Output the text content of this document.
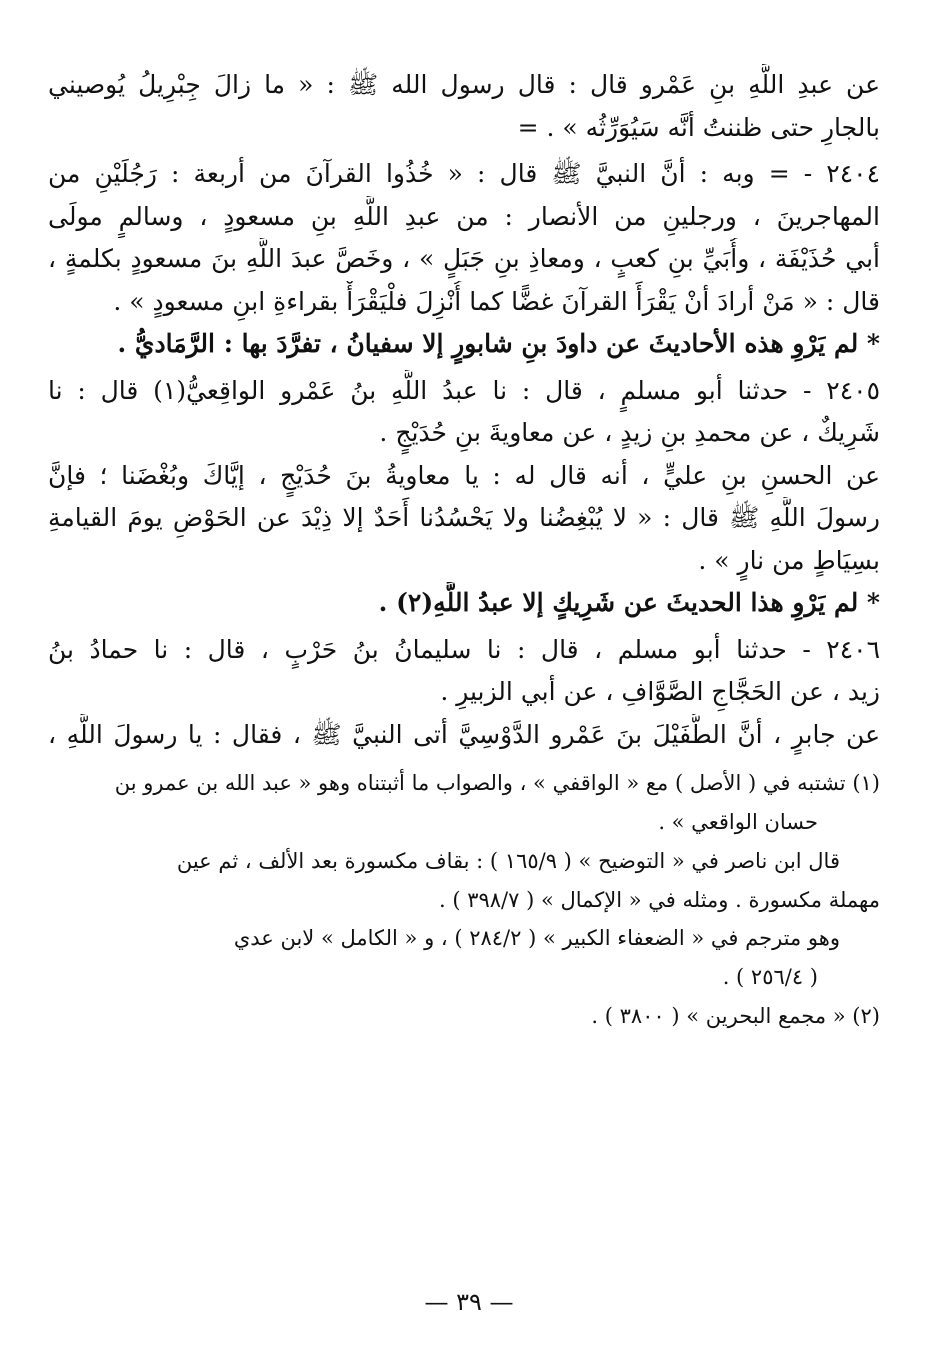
عن عبدِ اللَّهِ بنِ عَمْرو قال : قال رسول الله ﷺ : « ما زالَ جِبْرِيلُ يُوصيني

بالجارِ حتى ظننتُ أنَّه سَيُوَرِّثُه » . =

٢٤٠٤ - = وبه : أنَّ النبيَّ ﷺ قال : « خُذُوا القرآنَ من أربعة : رَجُلَيْنِ من

المهاجرينَ ، ورجلينِ من الأنصار : من عبدِ اللَّهِ بنِ مسعودٍ ، وسالمٍ مولَى

أبي حُذَيْفَة ، وأُبَيِّ بنِ كعبٍ ، ومعاذِ بنِ جَبَلٍ » ، وخَصَّ عبدَ اللَّهِ بنَ مسعودٍ بكلمةٍ ،

قال : « مَنْ أرادَ أنْ يَقْرَأَ القرآنَ غضًّا كما أُنْزِلَ فلْيَقْرَأْ بقراءةِ ابنِ مسعودٍ » .

* لم يَرْوِ هذه الأحاديثَ عن داودَ بنِ شابورٍ إلا سفيانُ ، تفرَّدَ بها : الرَّمَاديُّ .

٢٤٠٥ - حدثنا أبو مسلمٍ ، قال : نا عبدُ اللَّهِ بنُ عَمْرو الواقِعيُّ(١) قال : نا

شَرِيكٌ ، عن محمدِ بنِ زيدٍ ، عن معاويةَ بنِ حُدَيْجٍ .

عن الحسنِ بنِ عليٍّ ، أنه قال له : يا معاويةُ بنَ حُدَيْجٍ ، إيَّاكَ وبُغْضَنا ؛ فإنَّ

رسولَ اللَّهِ ﷺ قال : « لا يُبْغِضُنا ولا يَحْسُدُنا أَحَدٌ إلا ذِيْدَ عن الحَوْضِ يومَ القيامةِ

بسِيَاطٍ من نارٍ » .

* لم يَرْوِ هذا الحديثَ عن شَرِيكٍ إلا عبدُ اللَّهِ(٢) .

٢٤٠٦ - حدثنا أبو مسلم ، قال : نا سليمانُ بنُ حَرْبٍ ، قال : نا حمادُ بنُ

زيد ، عن الحَجَّاجِ الصَّوَّافِ ، عن أبي الزبيرِ .

عن جابرٍ ، أنَّ الطُّفَيْلَ بنَ عَمْرو الدَّوْسِيَّ أتى النبيَّ ﷺ ، فقال : يا رسولَ اللَّهِ ،

(١) تشتبه في ( الأصل ) مع « الواقفي » ، والصواب ما أثبتناه وهو « عبد الله بن عمرو بن

حسان الواقعي » .

قال ابن ناصر في « التوضيح » ( ١٦٥/٩ ) : بقاف مكسورة بعد الألف ، ثم عين

مهملة مكسورة . ومثله في « الإكمال » ( ٣٩٨/٧ ) .

وهو مترجم في « الضعفاء الكبير » ( ٢٨٤/٢ ) ، و « الكامل » لابن عدي

( ٢٥٦/٤ ) .

(٢) « مجمع البحرين » ( ٣٨٠٠ ) .

— ٣٩ —
